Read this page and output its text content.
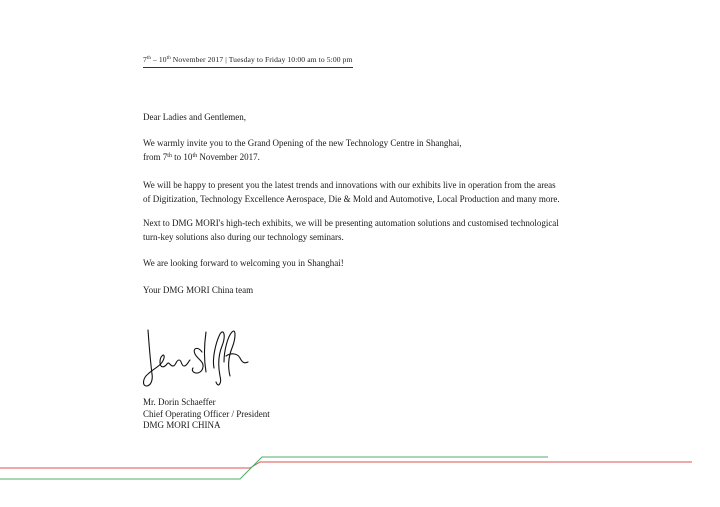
7th – 10th November 2017 | Tuesday to Friday 10:00 am to 5:00 pm

Dear Ladies and Gentlemen,

We warmly invite you to the Grand Opening of the new Technology Centre in Shanghai,

from 7th to 10th November 2017.

We will be happy to present you the latest trends and innovations with our exhibits live in operation from the areas

of Digitization, Technology Excellence Aerospace, Die & Mold and Automotive, Local Production and many more.

Next to DMG MORI's high-tech exhibits, we will be presenting automation solutions and customised technological

turn-key solutions also during our technology seminars.

We are looking forward to welcoming you in Shanghai!

Your DMG MORI China team

Mr. Dorin Schaeffer
Chief Operating Officer / President
DMG MORI CHINA
